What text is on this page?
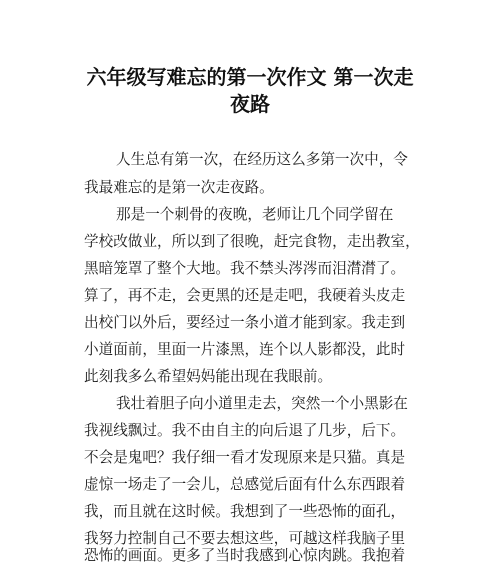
六年级写难忘的第一次作文 第一次走
夜路
人生总有第一次，在经历这么多第一次中，令
我最难忘的是第一次走夜路。
那是一个刺骨的夜晚，老师让几个同学留在
学校改做业，所以到了很晚，赶完食物，走出教室，
黑暗笼罩了整个大地。我不禁头涔涔而泪潸潸了。
算了，再不走，会更黑的还是走吧，我硬着头皮走
出校门以外后，要经过一条小道才能到家。我走到
小道面前，里面一片漆黑，连个以人影都没，此时
此刻我多么希望妈妈能出现在我眼前。
我壮着胆子向小道里走去，突然一个小黑影在
我视线飘过。我不由自主的向后退了几步，后下。
不会是鬼吧？我仔细一看才发现原来是只猫。真是
虚惊一场走了一会儿，总感觉后面有什么东西跟着
我，而且就在这时候。我想到了一些恐怖的面孔，
我努力控制自己不要去想这些，可越这样我脑子里
恐怖的画面。更多了当时我感到心惊肉跳。我抱着
